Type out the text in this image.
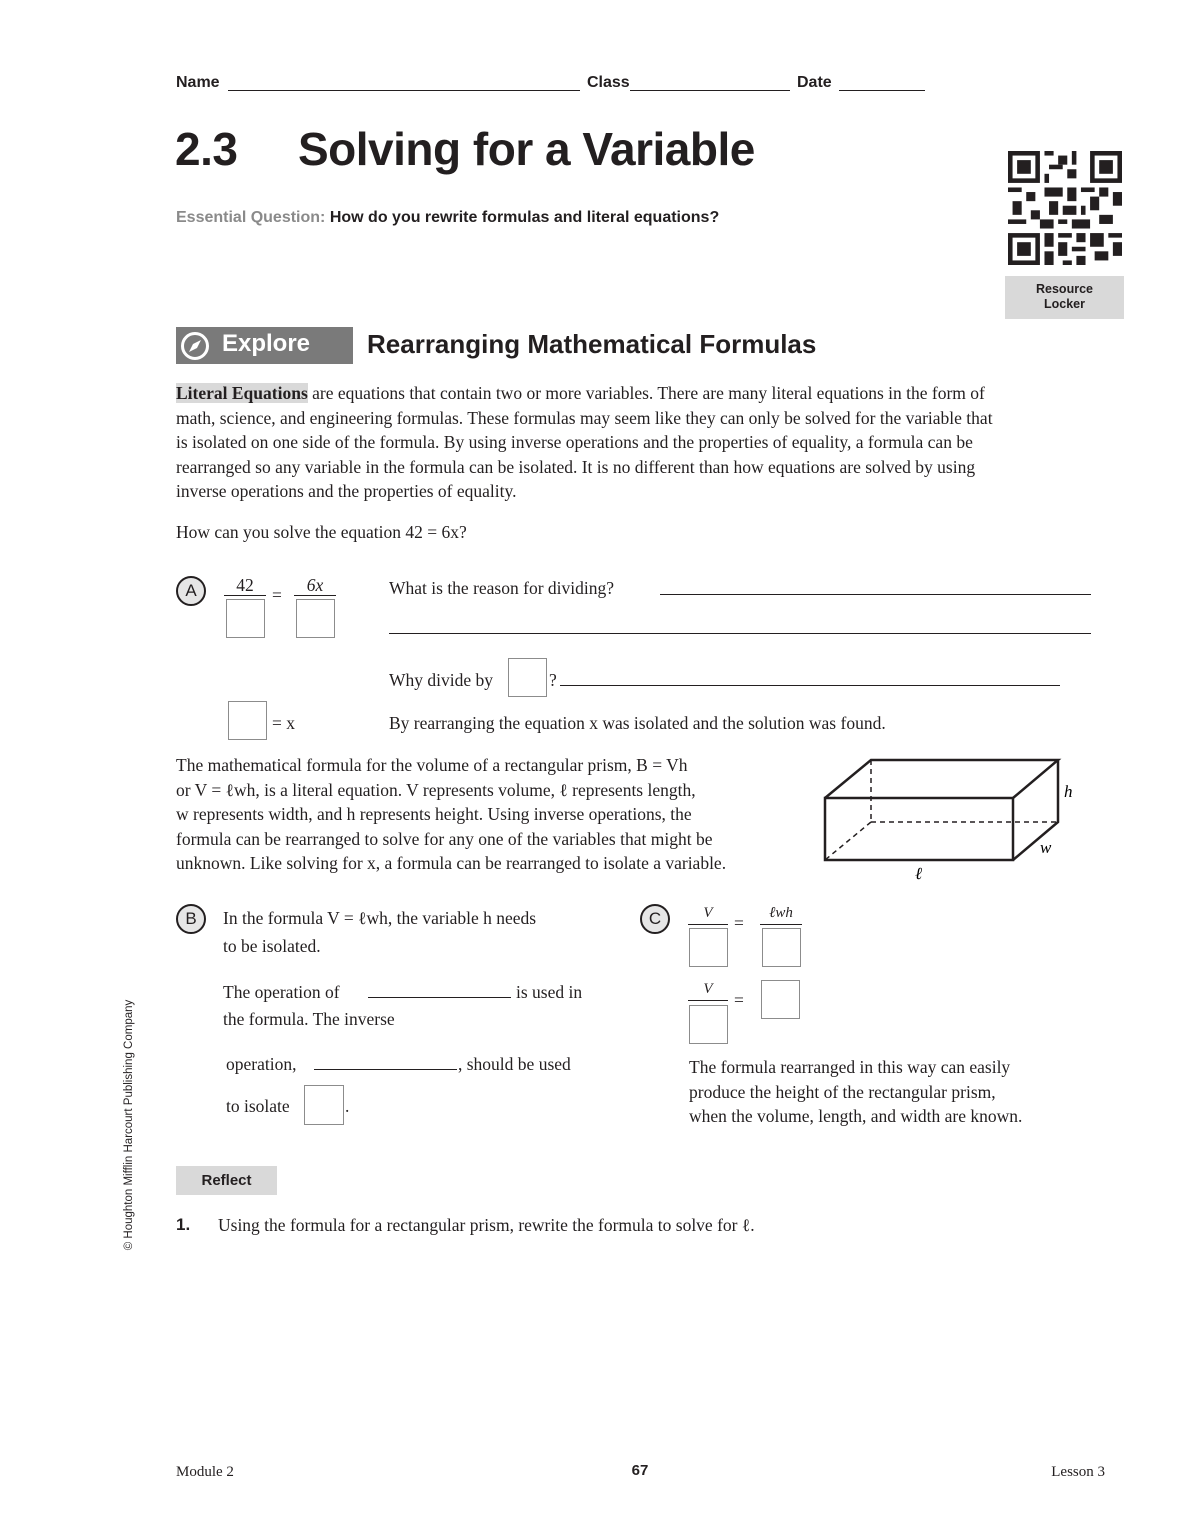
Name	Class	Date
2.3 Solving for a Variable
Essential Question: How do you rewrite formulas and literal equations?
Resource
Locker
Explore Rearranging Mathematical Formulas
Literal Equations are equations that contain two or more variables. There are many literal equations in the form of
math, science, and engineering formulas. These formulas may seem like they can only be solved for the variable that
is isolated on one side of the formula. By using inverse operations and the properties of equality, a formula can be
rearranged so any variable in the formula can be isolated. It is no different than how equations are solved by using
inverse operations and the properties of equality.
How can you solve the equation 42 = 6x?
A	42	=	6x	What is the reason for dividing?
Why divide by	?
= x	By rearranging the equation x was isolated and the solution was found.
The mathematical formula for the volume of a rectangular prism, B = Vh
or V = ℓwh, is a literal equation. V represents volume, ℓ represents length,
w represents width, and h represents height. Using inverse operations, the
formula can be rearranged to solve for any one of the variables that might be
unknown. Like solving for x, a formula can be rearranged to isolate a variable.
h
w
ℓ
B	In the formula V = ℓwh, the variable h needs
to be isolated.
The operation of	is used in
the formula. The inverse
operation,	, should be used
to isolate	.
C	V	=	ℓwh
V
=
The formula rearranged in this way can easily
produce the height of the rectangular prism,
when the volume, length, and width are known.
Reflect
1. Using the formula for a rectangular prism, rewrite the formula to solve for ℓ.
© Houghton Mifflin Harcourt Publishing Company
Module 2	67	Lesson 3
